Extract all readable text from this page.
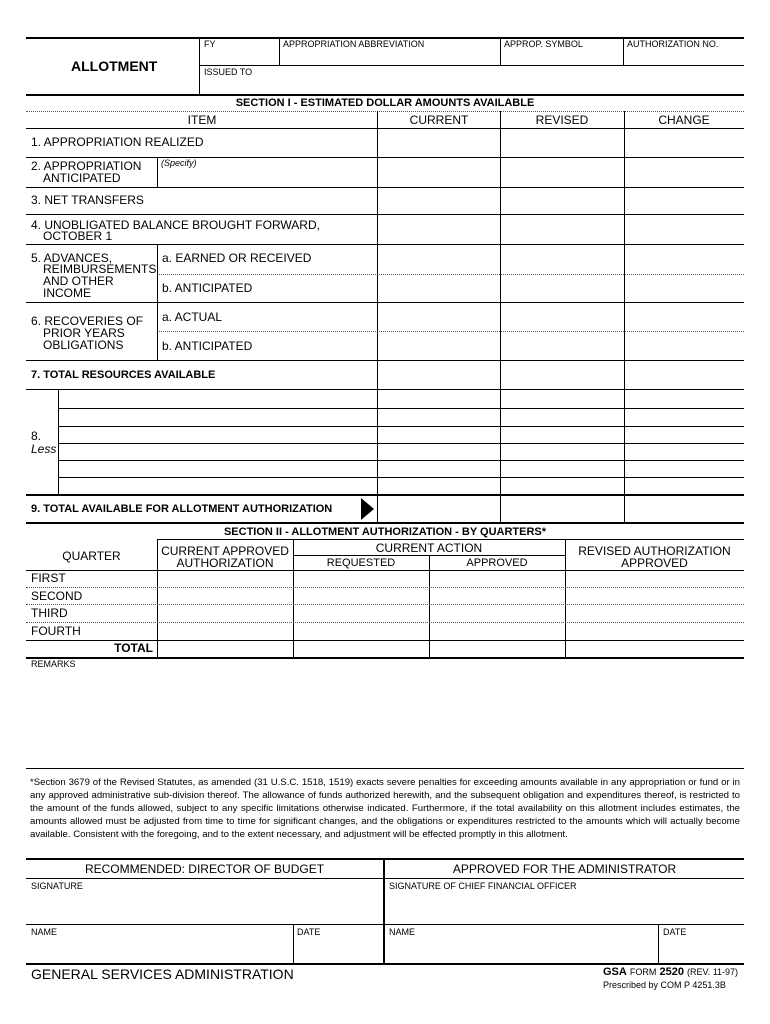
ALLOTMENT
FY	APPROPRIATION ABBREVIATION	APPROP. SYMBOL	AUTHORIZATION NO.
ISSUED TO
SECTION I - ESTIMATED DOLLAR AMOUNTS AVAILABLE
ITEM	CURRENT	REVISED	CHANGE
1. APPROPRIATION REALIZED
2. APPROPRIATION
ANTICIPATED
(Specify)
3. NET TRANSFERS
4. UNOBLIGATED BALANCE BROUGHT FORWARD,
OCTOBER 1
5. ADVANCES,
REIMBURSEMENTS
AND OTHER
INCOME
a. EARNED OR RECEIVED
b. ANTICIPATED
6. RECOVERIES OF
PRIOR YEARS
OBLIGATIONS
a. ACTUAL
b. ANTICIPATED
7. TOTAL RESOURCES AVAILABLE
8.
Less
9. TOTAL AVAILABLE FOR ALLOTMENT AUTHORIZATION
SECTION II - ALLOTMENT AUTHORIZATION - BY QUARTERS*
QUARTER	CURRENT APPROVED
AUTHORIZATION
CURRENT ACTION
REQUESTED	APPROVED
REVISED AUTHORIZATION
APPROVED
FIRST
SECOND
THIRD
FOURTH
TOTAL
REMARKS
*Section 3679 of the Revised Statutes, as amended (31 U.S.C. 1518, 1519) exacts severe penalties for exceeding amounts available in any appropriation or fund or in any approved administrative sub-division thereof. The allowance of funds authorized herewith, and the subsequent obligation and expenditures thereof, is restricted to the amount of the funds allowed, subject to any specific limitations otherwise indicated. Furthermore, if the total availability on this allotment includes estimates, the amounts allowed must be adjusted from time to time for significant changes, and the obligations or expenditures restricted to the amounts which will actually become available. Consistent with the foregoing, and to the extent necessary, and adjustment will be effected promptly in this allotment.
RECOMMENDED: DIRECTOR OF BUDGET	APPROVED FOR THE ADMINISTRATOR
SIGNATURE	SIGNATURE OF CHIEF FINANCIAL OFFICER
NAME	DATE	NAME	DATE
GENERAL SERVICES ADMINISTRATION	GSA FORM 2520 (REV. 11-97)
Prescribed by COM P 4251.3B
